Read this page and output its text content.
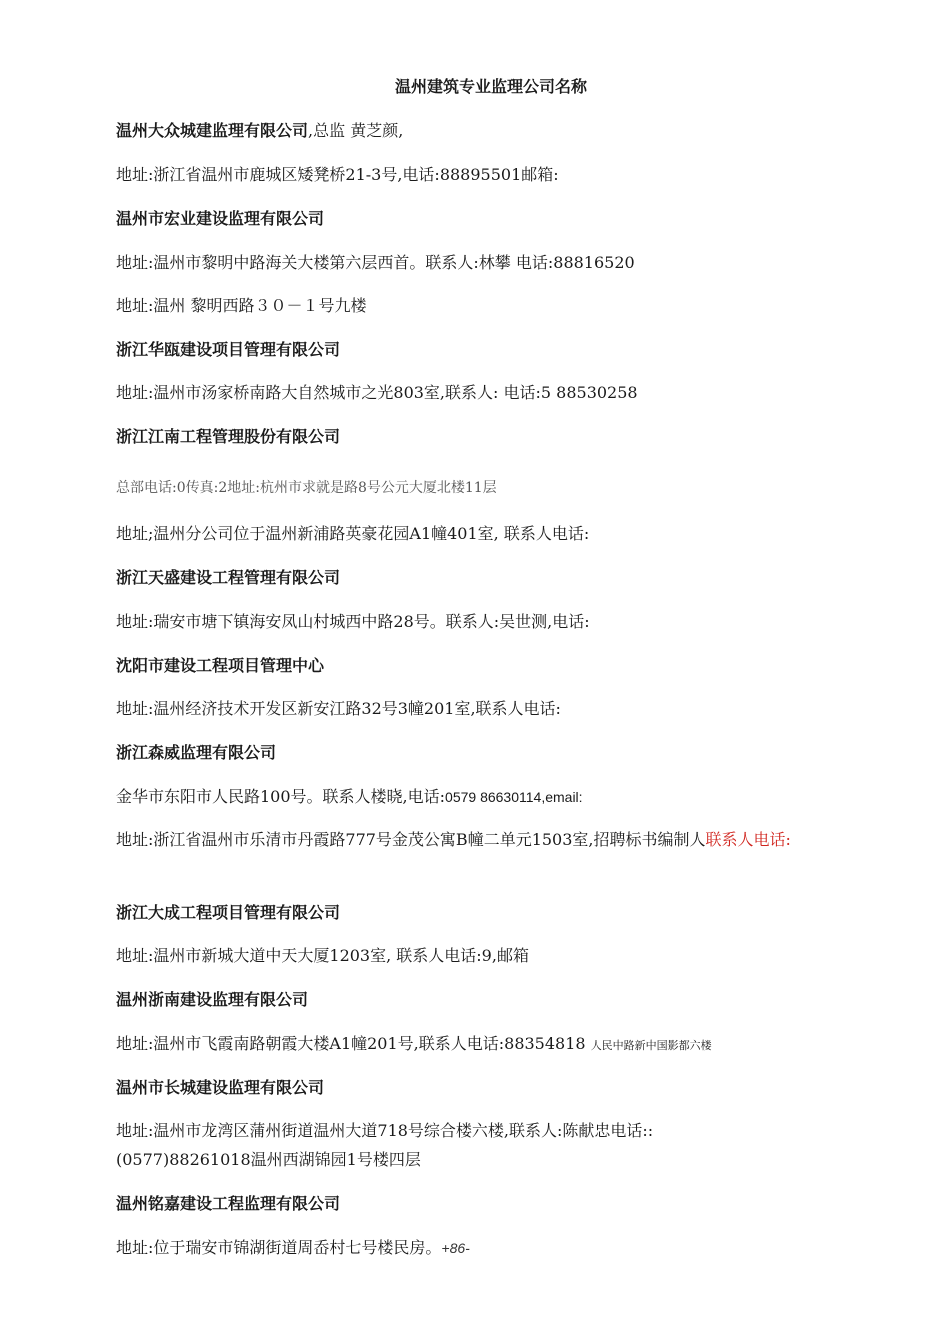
温州建筑专业监理公司名称
温州大众城建监理有限公司,总监 黄芝颜,
地址:浙江省温州市鹿城区矮凳桥21-3号,电话:88895501邮箱:
温州市宏业建设监理有限公司
地址:温州市黎明中路海关大楼第六层西首。联系人:林攀 电话:88816520
地址:温州 黎明西路３０－１号九楼
浙江华瓯建设项目管理有限公司
地址:温州市汤家桥南路大自然城市之光803室,联系人: 电话:5 88530258
浙江江南工程管理股份有限公司
总部电话:0传真:2地址:杭州市求就是路8号公元大厦北楼11层
地址;温州分公司位于温州新浦路英豪花园A1幢401室, 联系人电话:
浙江天盛建设工程管理有限公司
地址:瑞安市塘下镇海安凤山村城西中路28号。联系人:吴世测,电话:
沈阳市建设工程项目管理中心
地址:温州经济技术开发区新安江路32号3幢201室,联系人电话:
浙江森威监理有限公司
金华市东阳市人民路100号。联系人楼晓,电话:0579 86630114,email:
地址:浙江省温州市乐清市丹霞路777号金茂公寓B幢二单元1503室,招聘标书编制人联系人电话:
浙江大成工程项目管理有限公司
地址:温州市新城大道中天大厦1203室, 联系人电话:9,邮箱
温州浙南建设监理有限公司
地址:温州市飞霞南路朝霞大楼A1幢201号,联系人电话:88354818 人民中路新中国影都六楼
温州市长城建设监理有限公司
地址:温州市龙湾区蒲州街道温州大道718号综合楼六楼,联系人:陈献忠电话::
(0577)88261018温州西湖锦园1号楼四层
温州铭嘉建设工程监理有限公司
地址:位于瑞安市锦湖街道周岙村七号楼民房。+86-
